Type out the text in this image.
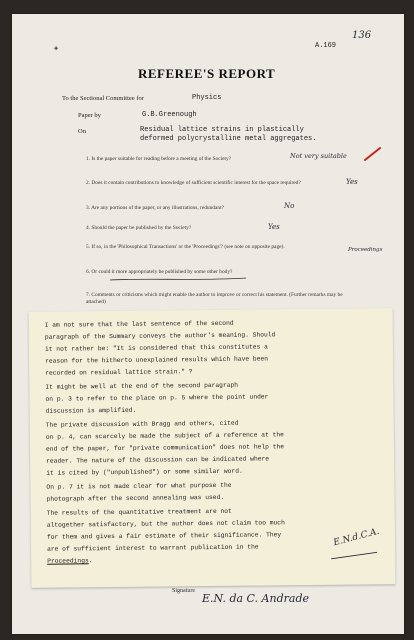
✚	A.169
136
REFEREE'S REPORT
To the Sectional Committee for	Physics
Paper by	G.B.Greenough
On	Residual lattice strains in plastically
deformed polycrystalline metal aggregates.
1. Is the paper suitable for reading before a meeting of the Society?	Not very suitable
2. Does it contain contributions to knowledge of sufficient scientific interest for the space required?	Yes
3. Are any portions of the paper, or any illustrations, redundant?	No
4. Should the paper be published by the Society?	Yes
5. If so, in the 'Philosophical Transactions' or the 'Proceedings'? (see note on opposite page).	Proceedings
6. Or could it more appropriately be published by some other body?
7. Comments or criticisms which might enable the author to improve or correct his statement. (Further remarks may be attached)
Signature
E.N. da C. Andrade
I am not sure that the last sentence of the second
paragraph of the Summary conveys the author's meaning. Should
it not rather be: "It is considered that this constitutes a
reason for the hitherto unexplained results which have been
recorded on residual lattice strain." ?
It might be well at the end of the second paragraph
on p. 3 to refer to the place on p. 5 where the point under
discussion is amplified.
The private discussion with Bragg and others, cited
on p. 4, can scarcely be made the subject of a reference at the
end of the paper, for "private communication" does not help the
reader. The nature of the discussion can be indicated where
it is cited by ("unpublished") or some similar word.
On p. 7 it is not made clear for what purpose the
photograph after the second annealing was used.
The results of the quantitative treatment are not
altogether satisfactory, but the author does not claim too much
for them and gives a fair estimate of their significance. They
are of sufficient interest to warrant publication in the
Proceedings.
E.N.d.C.A.
